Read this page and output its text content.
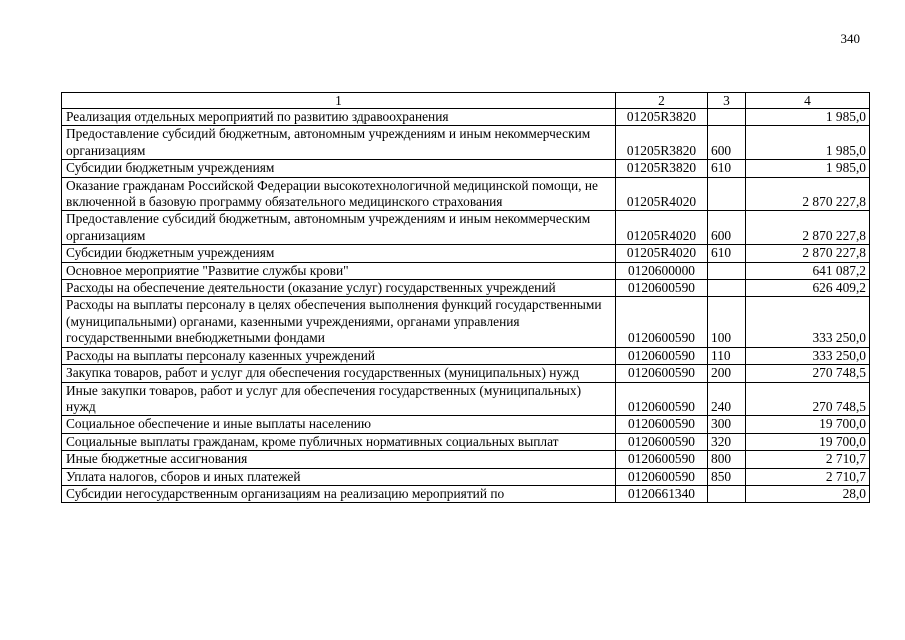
340
1	2	3	4
Реализация отдельных мероприятий по развитию здравоохранения	01205R3820		1 985,0
Предоставление субсидий бюджетным, автономным учреждениям и иным некоммерческим организациям	01205R3820	600	1 985,0
Субсидии бюджетным учреждениям	01205R3820	610	1 985,0
Оказание гражданам Российской Федерации высокотехнологичной медицинской помощи, не включенной в базовую программу обязательного медицинского страхования	01205R4020		2 870 227,8
Предоставление субсидий бюджетным, автономным учреждениям и иным некоммерческим организациям	01205R4020	600	2 870 227,8
Субсидии бюджетным учреждениям	01205R4020	610	2 870 227,8
Основное мероприятие "Развитие службы крови"	0120600000		641 087,2
Расходы на обеспечение деятельности (оказание услуг) государственных учреждений	0120600590		626 409,2
Расходы на выплаты персоналу в целях обеспечения выполнения функций государственными (муниципальными) органами, казенными учреждениями, органами управления государственными внебюджетными фондами	0120600590	100	333 250,0
Расходы на выплаты персоналу казенных учреждений	0120600590	110	333 250,0
Закупка товаров, работ и услуг для обеспечения государственных (муниципальных) нужд	0120600590	200	270 748,5
Иные закупки товаров, работ и услуг для обеспечения государственных (муниципальных) нужд	0120600590	240	270 748,5
Социальное обеспечение и иные выплаты населению	0120600590	300	19 700,0
Социальные выплаты гражданам, кроме публичных нормативных социальных выплат	0120600590	320	19 700,0
Иные бюджетные ассигнования	0120600590	800	2 710,7
Уплата налогов, сборов и иных платежей	0120600590	850	2 710,7
Субсидии негосударственным организациям на реализацию мероприятий по	0120661340		28,0
